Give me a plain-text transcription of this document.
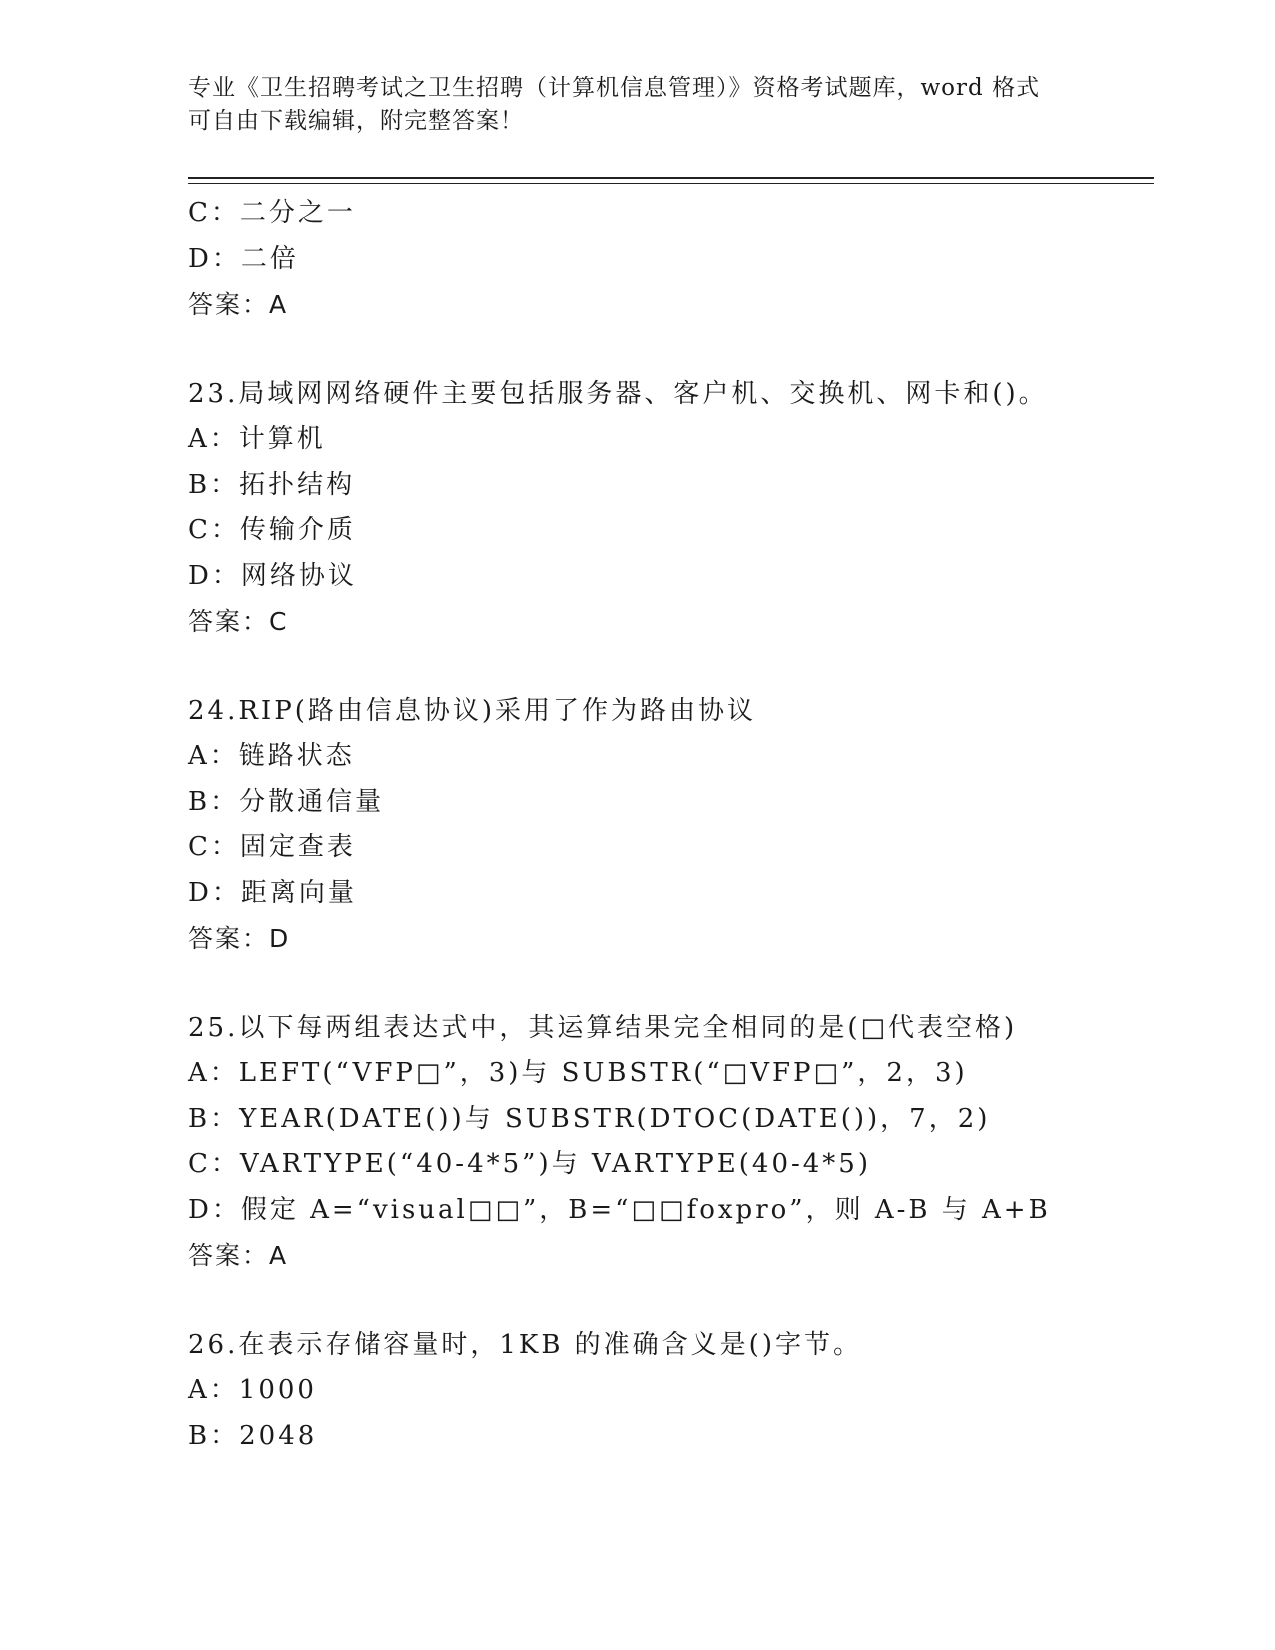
专业《卫生招聘考试之卫生招聘（计算机信息管理）》资格考试题库，word 格式
可自由下载编辑，附完整答案！
C：二分之一
D：二倍
答案：A
23.局域网网络硬件主要包括服务器、客户机、交换机、网卡和()。
A：计算机
B：拓扑结构
C：传输介质
D：网络协议
答案：C
24.RIP(路由信息协议)采用了作为路由协议
A：链路状态
B：分散通信量
C：固定查表
D：距离向量
答案：D
25.以下每两组表达式中，其运算结果完全相同的是(□代表空格)
A：LEFT(“VFP□”，3)与 SUBSTR(“□VFP□”，2，3)
B：YEAR(DATE())与 SUBSTR(DTOC(DATE())，7，2)
C：VARTYPE(“40-4*5”)与 VARTYPE(40-4*5)
D：假定 A=“visual□□”，B=“□□foxpro”，则 A-B 与 A+B
答案：A
26.在表示存储容量时，1KB 的准确含义是()字节。
A：1000
B：2048
